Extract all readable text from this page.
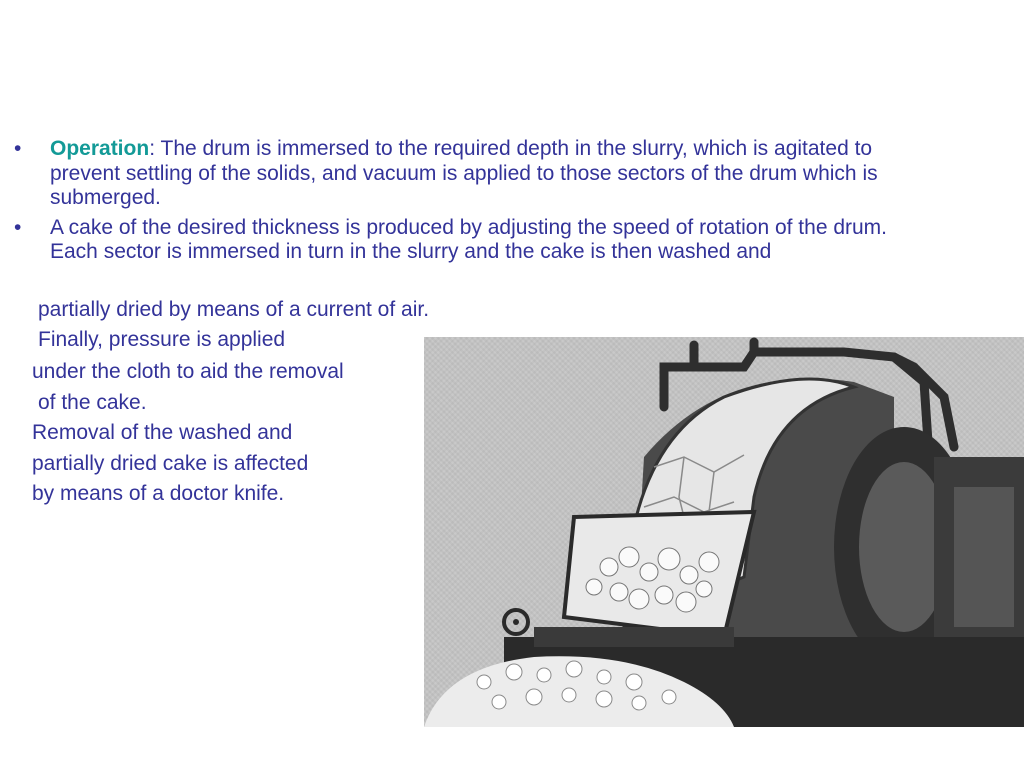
•	Operation: The drum is immersed to the required depth in the slurry, which is agitated to prevent settling of the solids, and vacuum is applied to those sectors of the drum which is submerged.
•	A cake of the desired thickness is produced by adjusting the speed of rotation of the drum. Each sector is immersed in turn in the slurry and the cake is then washed and
partially dried by means of a current of air.
Finally, pressure is applied
under the cloth to aid the removal
of the cake.
Removal of the washed and
partially dried cake is affected
by means of a doctor knife.
